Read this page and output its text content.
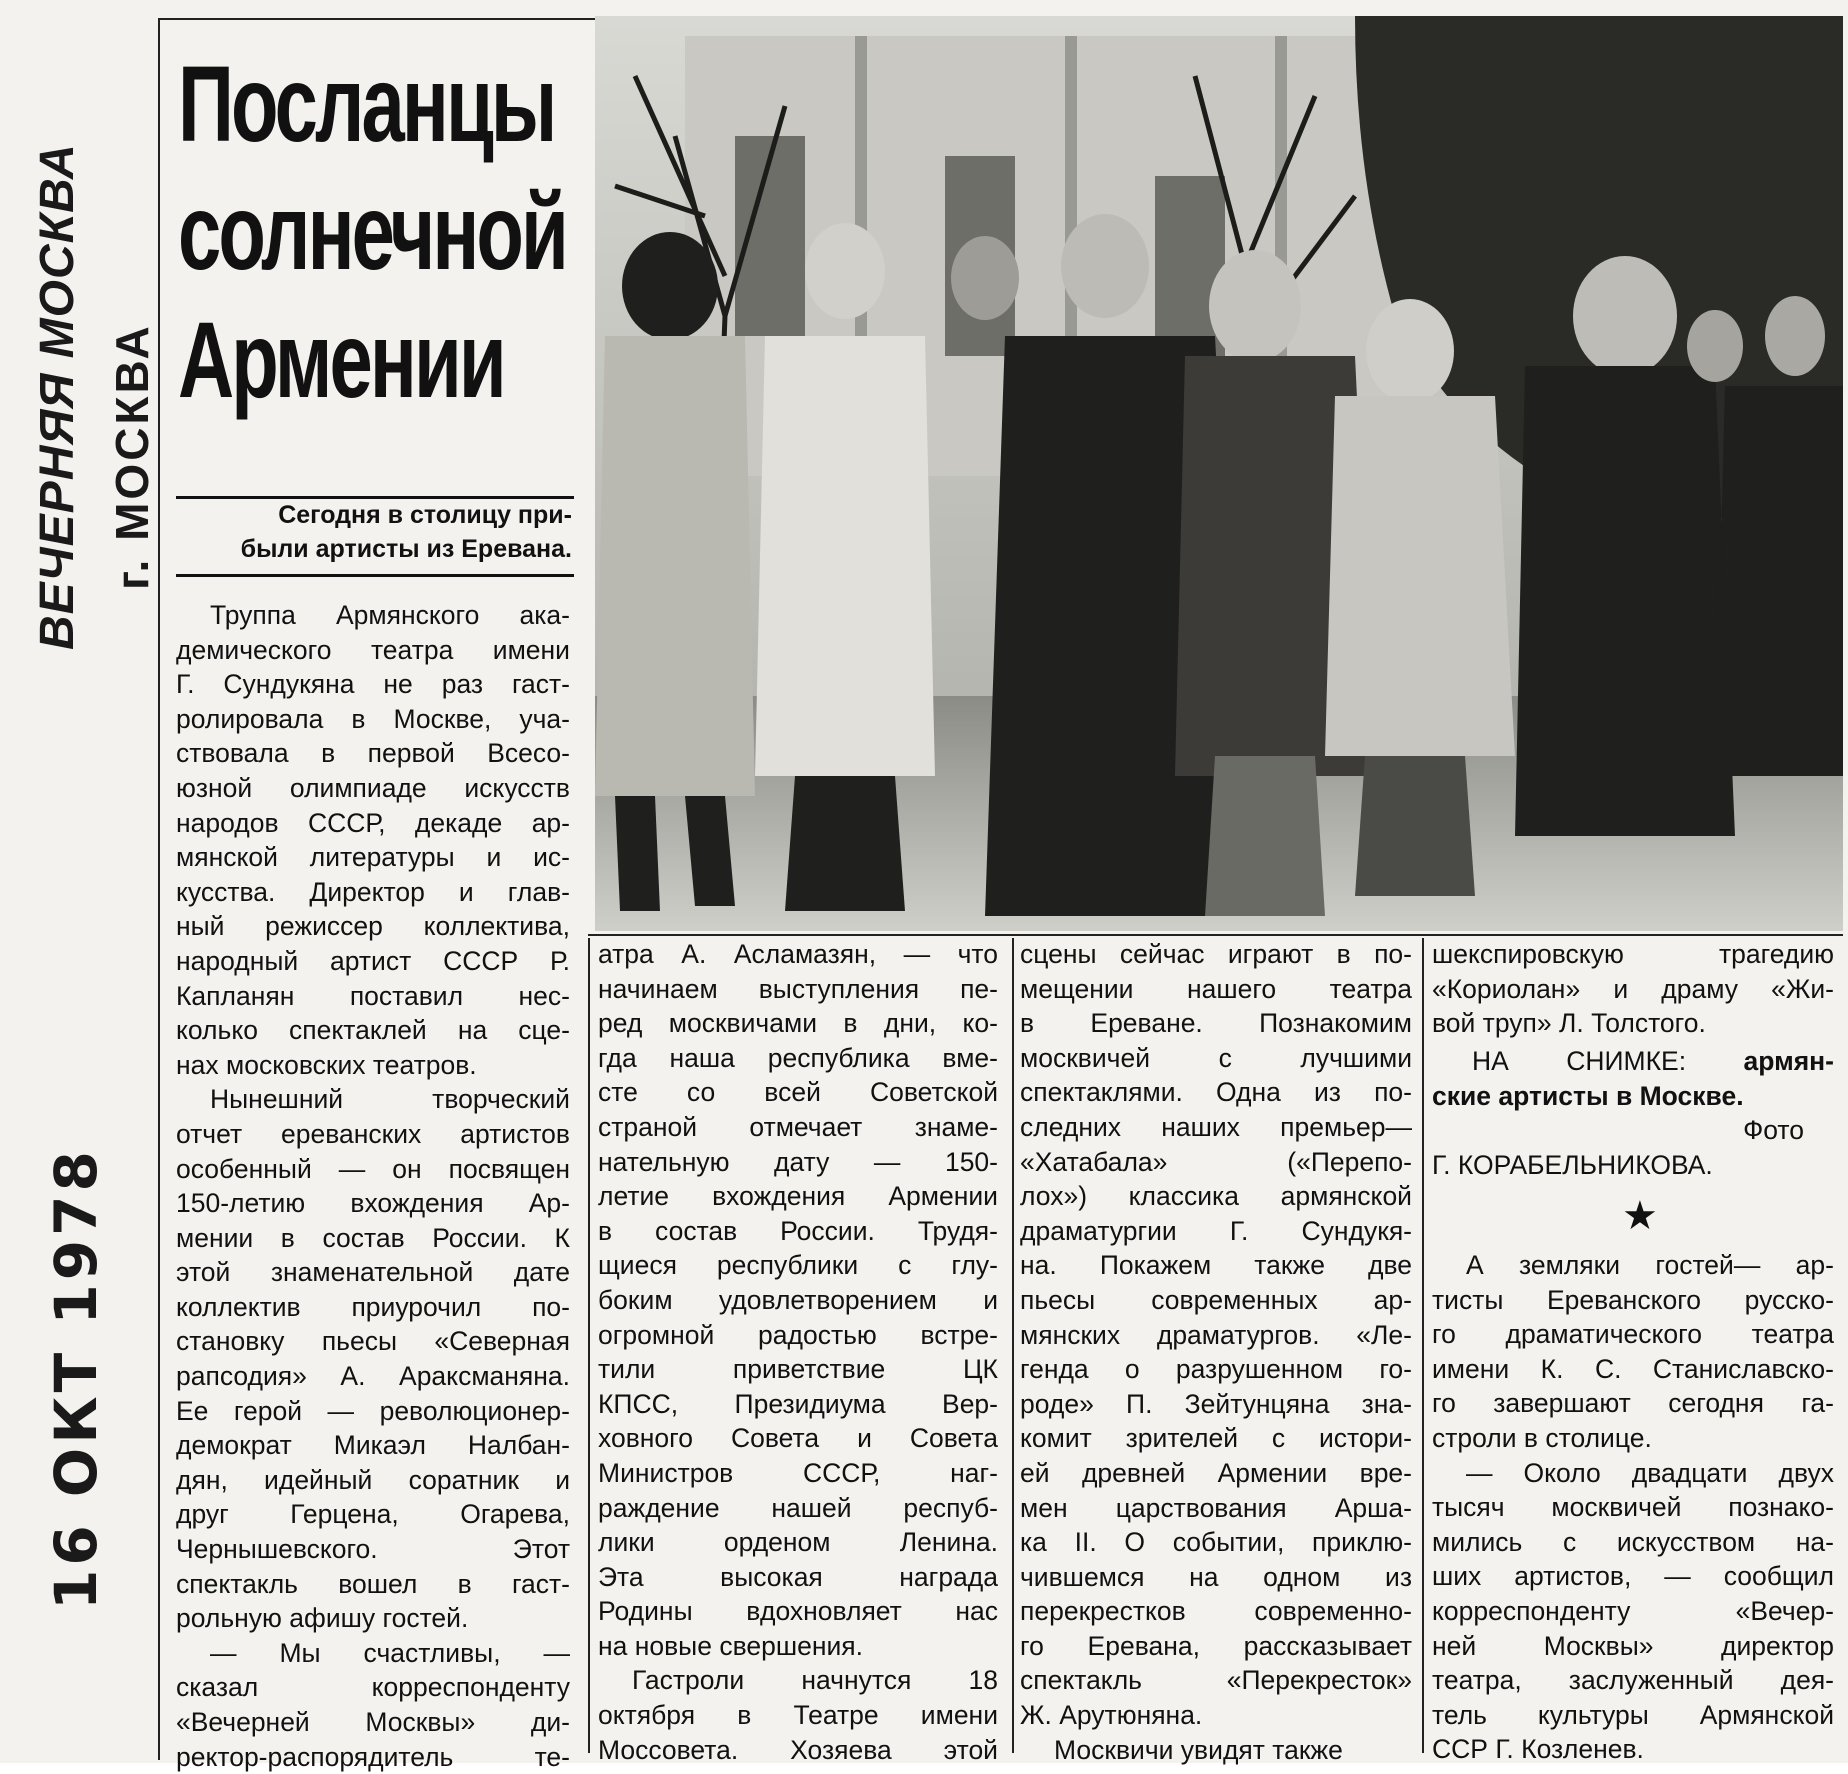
ВЕЧЕРНЯЯ МОСКВА г. МОСКВА
16 ОКТ 1978
Посланцы
солнечной
Армении
Сегодня в столицу при-
были артисты из Еревана.
Труппа Армянского ака-
демического театра имени
Г. Сундукяна не раз гаст-
ролировала в Москве, уча-
ствовала в первой Всесо-
юзной олимпиаде искусств
народов СССР, декаде ар-
мянской литературы и ис-
кусства. Директор и глав-
ный режиссер коллектива,
народный артист СССР Р.
Капланян поставил нес-
колько спектаклей на сце-
нах московских театров.
Нынешний творческий
отчет ереванских артистов
особенный — он посвящен
150-летию вхождения Ар-
мении в состав России. К
этой знаменательной дате
коллектив приурочил по-
становку пьесы «Северная
рапсодия» А. Араксманяна.
Ее герой — революционер-
демократ Микаэл Налбан-
дян, идейный соратник и
друг Герцена, Огарева,
Чернышевского. Этот
спектакль вошел в гаст-
рольную афишу гостей.
— Мы счастливы, —
сказал корреспонденту
«Вечерней Москвы» ди-
ректор-распорядитель те-
атра А. Асламазян, — что
начинаем выступления пе-
ред москвичами в дни, ко-
гда наша республика вме-
сте со всей Советской
страной отмечает знаме-
нательную дату — 150-
летие вхождения Армении
в состав России. Трудя-
щиеся республики с глу-
боким удовлетворением и
огромной радостью встре-
тили приветствие ЦК
КПСС, Президиума Вер-
ховного Совета и Совета
Министров СССР, наг-
раждение нашей респуб-
лики орденом Ленина.
Эта высокая награда
Родины вдохновляет нас
на новые свершения.
Гастроли начнутся 18
октября в Театре имени
Моссовета. Хозяева этой
сцены сейчас играют в по-
мещении нашего театра
в Ереване. Познакомим
москвичей с лучшими
спектаклями. Одна из по-
следних наших премьер—
«Хатабала» («Перепо-
лох») классика армянской
драматургии Г. Сундукя-
на. Покажем также две
пьесы современных ар-
мянских драматургов. «Ле-
генда о разрушенном го-
роде» П. Зейтунцяна зна-
комит зрителей с истори-
ей древней Армении вре-
мен царствования Арша-
ка II. О событии, приклю-
чившемся на одном из
перекрестков современно-
го Еревана, рассказывает
спектакль «Перекресток»
Ж. Арутюняна.
Москвичи увидят также
шекспировскую трагедию
«Кориолан» и драму «Жи-
вой труп» Л. Толстого.
НА СНИМКЕ: армян-
ские артисты в Москве.
Фото
Г. КОРАБЕЛЬНИКОВА.
★
А земляки гостей— ар-
тисты Ереванского русско-
го драматического театра
имени К. С. Станиславско-
го завершают сегодня га-
строли в столице.
— Около двадцати двух
тысяч москвичей познако-
мились с искусством на-
ших артистов, — сообщил
корреспонденту «Вечер-
ней Москвы» директор
театра, заслуженный дея-
тель культуры Армянской
ССР Г. Козленев.
